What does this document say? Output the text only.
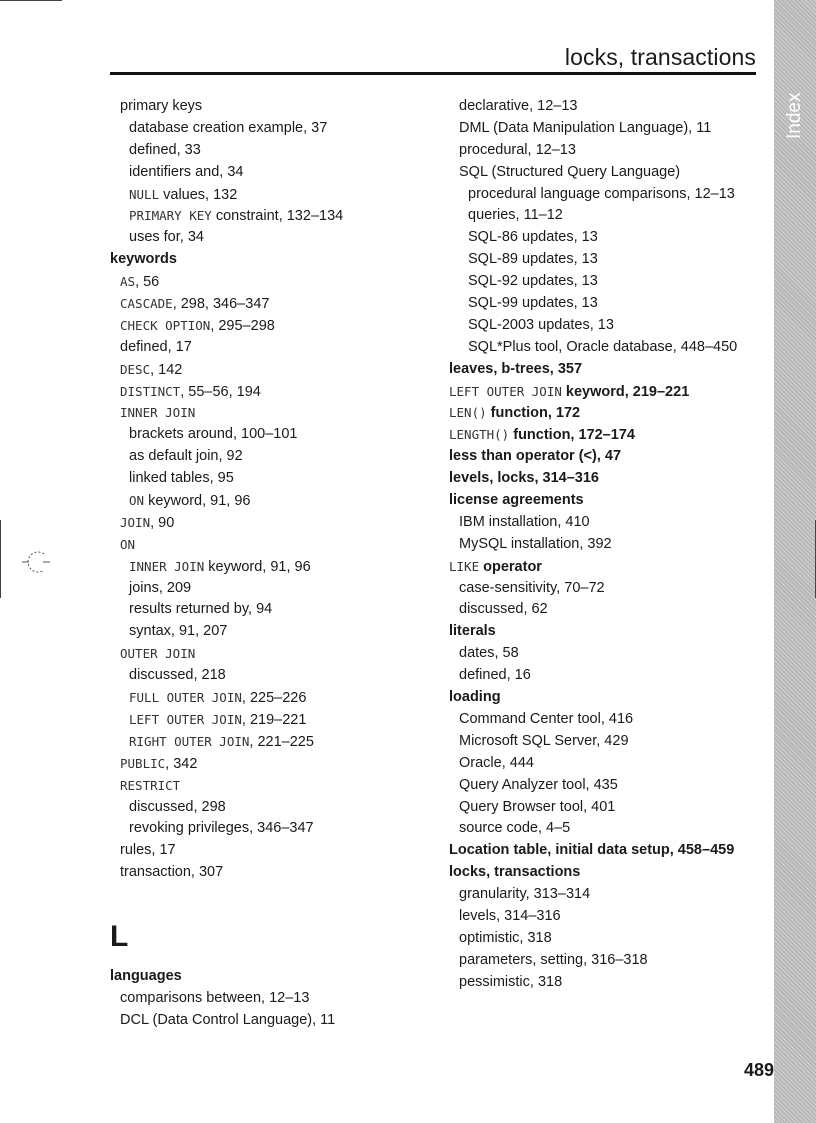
locks, transactions
Index
primary keys
database creation example, 37
defined, 33
identifiers and, 34
NULL values, 132
PRIMARY KEY constraint, 132–134
uses for, 34
keywords
AS, 56
CASCADE, 298, 346–347
CHECK OPTION, 295–298
defined, 17
DESC, 142
DISTINCT, 55–56, 194
INNER JOIN
brackets around, 100–101
as default join, 92
linked tables, 95
ON keyword, 91, 96
JOIN, 90
ON
INNER JOIN keyword, 91, 96
joins, 209
results returned by, 94
syntax, 91, 207
OUTER JOIN
discussed, 218
FULL OUTER JOIN, 225–226
LEFT OUTER JOIN, 219–221
RIGHT OUTER JOIN, 221–225
PUBLIC, 342
RESTRICT
discussed, 298
revoking privileges, 346–347
rules, 17
transaction, 307
L
languages
comparisons between, 12–13
DCL (Data Control Language), 11
declarative, 12–13
DML (Data Manipulation Language), 11
procedural, 12–13
SQL (Structured Query Language)
procedural language comparisons, 12–13
queries, 11–12
SQL-86 updates, 13
SQL-89 updates, 13
SQL-92 updates, 13
SQL-99 updates, 13
SQL-2003 updates, 13
SQL*Plus tool, Oracle database, 448–450
leaves, b-trees, 357
LEFT OUTER JOIN keyword, 219–221
LEN() function, 172
LENGTH() function, 172–174
less than operator (<), 47
levels, locks, 314–316
license agreements
IBM installation, 410
MySQL installation, 392
LIKE operator
case-sensitivity, 70–72
discussed, 62
literals
dates, 58
defined, 16
loading
Command Center tool, 416
Microsoft SQL Server, 429
Oracle, 444
Query Analyzer tool, 435
Query Browser tool, 401
source code, 4–5
Location table, initial data setup, 458–459
locks, transactions
granularity, 313–314
levels, 314–316
optimistic, 318
parameters, setting, 316–318
pessimistic, 318
489
